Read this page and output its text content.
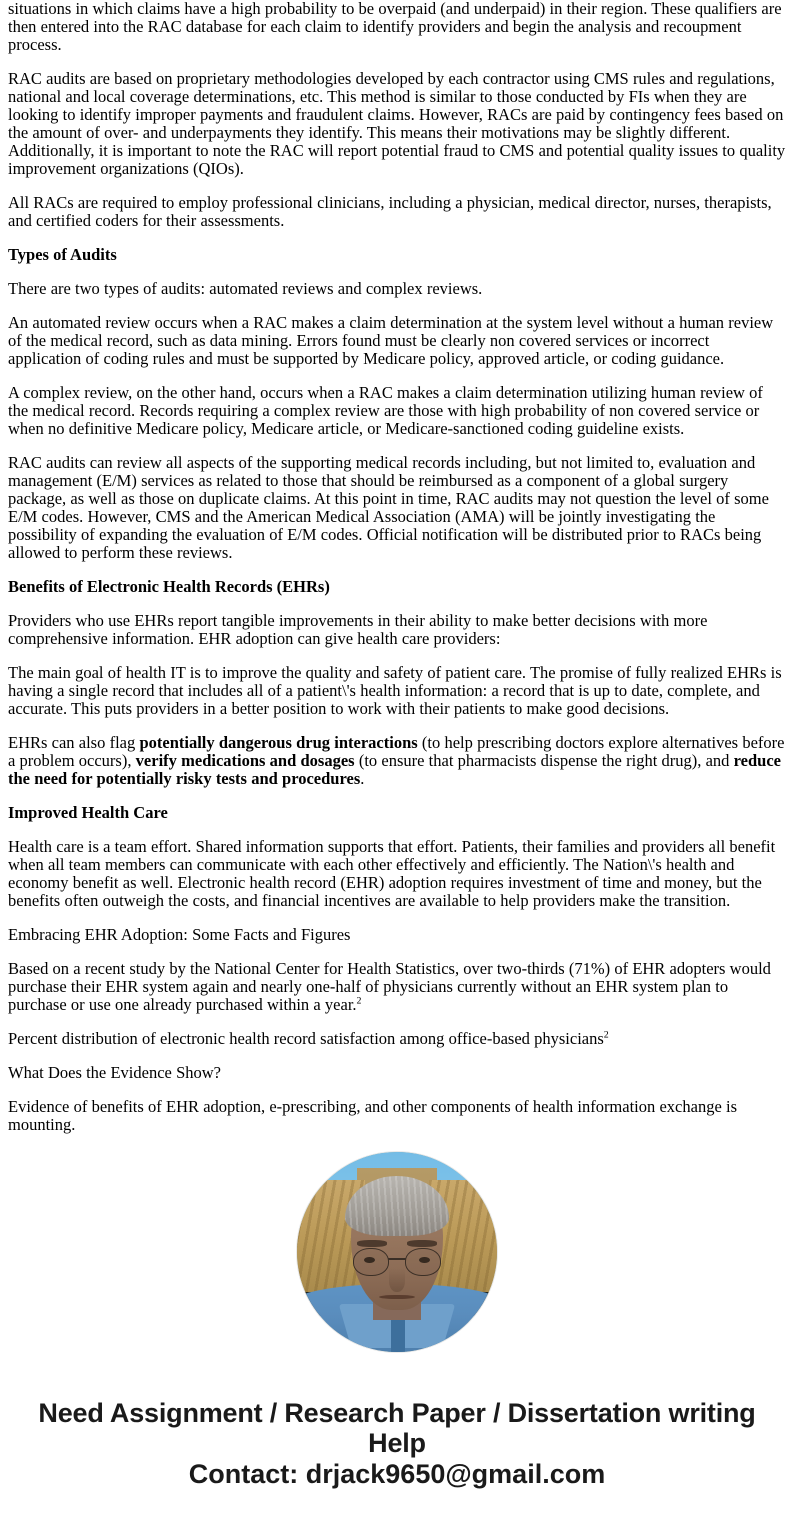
situations in which claims have a high probability to be overpaid (and underpaid) in their region. These qualifiers are then entered into the RAC database for each claim to identify providers and begin the analysis and recoupment process.
RAC audits are based on proprietary methodologies developed by each contractor using CMS rules and regulations, national and local coverage determinations, etc. This method is similar to those conducted by FIs when they are looking to identify improper payments and fraudulent claims. However, RACs are paid by contingency fees based on the amount of over- and underpayments they identify. This means their motivations may be slightly different. Additionally, it is important to note the RAC will report potential fraud to CMS and potential quality issues to quality improvement organizations (QIOs).
All RACs are required to employ professional clinicians, including a physician, medical director, nurses, therapists, and certified coders for their assessments.
Types of Audits
There are two types of audits: automated reviews and complex reviews.
An automated review occurs when a RAC makes a claim determination at the system level without a human review of the medical record, such as data mining. Errors found must be clearly non covered services or incorrect application of coding rules and must be supported by Medicare policy, approved article, or coding guidance.
A complex review, on the other hand, occurs when a RAC makes a claim determination utilizing human review of the medical record. Records requiring a complex review are those with high probability of non covered service or when no definitive Medicare policy, Medicare article, or Medicare-sanctioned coding guideline exists.
RAC audits can review all aspects of the supporting medical records including, but not limited to, evaluation and management (E/M) services as related to those that should be reimbursed as a component of a global surgery package, as well as those on duplicate claims. At this point in time, RAC audits may not question the level of some E/M codes. However, CMS and the American Medical Association (AMA) will be jointly investigating the possibility of expanding the evaluation of E/M codes. Official notification will be distributed prior to RACs being allowed to perform these reviews.
Benefits of Electronic Health Records (EHRs)
Providers who use EHRs report tangible improvements in their ability to make better decisions with more comprehensive information. EHR adoption can give health care providers:
The main goal of health IT is to improve the quality and safety of patient care. The promise of fully realized EHRs is having a single record that includes all of a patient\'s health information: a record that is up to date, complete, and accurate. This puts providers in a better position to work with their patients to make good decisions.
EHRs can also flag potentially dangerous drug interactions (to help prescribing doctors explore alternatives before a problem occurs), verify medications and dosages (to ensure that pharmacists dispense the right drug), and reduce the need for potentially risky tests and procedures.
Improved Health Care
Health care is a team effort. Shared information supports that effort. Patients, their families and providers all benefit when all team members can communicate with each other effectively and efficiently. The Nation\'s health and economy benefit as well. Electronic health record (EHR) adoption requires investment of time and money, but the benefits often outweigh the costs, and financial incentives are available to help providers make the transition.
Embracing EHR Adoption: Some Facts and Figures
Based on a recent study by the National Center for Health Statistics, over two-thirds (71%) of EHR adopters would purchase their EHR system again and nearly one-half of physicians currently without an EHR system plan to purchase or use one already purchased within a year.$^2$
Percent distribution of electronic health record satisfaction among office-based physicians$^2$
What Does the Evidence Show?
Evidence of benefits of EHR adoption, e-prescribing, and other components of health information exchange is mounting.
Need Assignment / Research Paper / Dissertation writing Help
Contact: drjack9650@gmail.com
